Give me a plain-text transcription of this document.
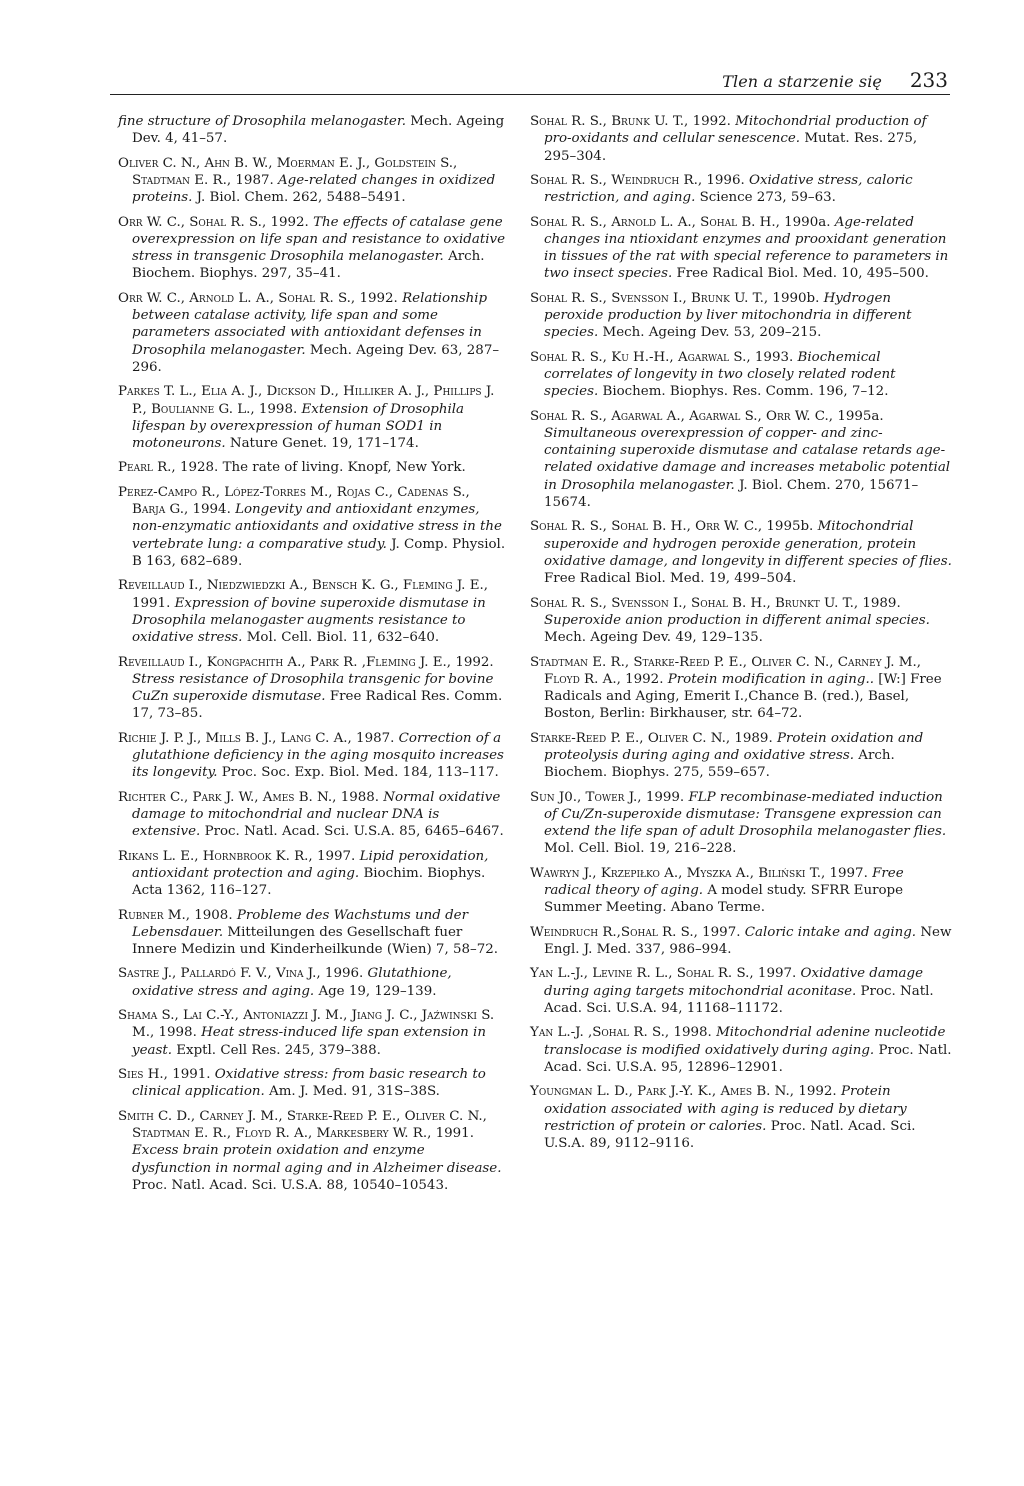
Tlen a starzenie się 233

fine structure of Drosophila melanogaster. Mech. Ageing Dev. 4, 41–57.

Oliver C. N., Ahn B. W., Moerman E. J., Goldstein S., Stadtman E. R., 1987. Age-related changes in oxidized proteins. J. Biol. Chem. 262, 5488–5491.

Orr W. C., Sohal R. S., 1992. The effects of catalase gene overexpression on life span and resistance to oxidative stress in transgenic Drosophila melanogaster. Arch. Biochem. Biophys. 297, 35–41.

Orr W. C., Arnold L. A., Sohal R. S., 1992. Relationship between catalase activity, life span and some parameters associated with antioxidant defenses in Drosophila melanogaster. Mech. Ageing Dev. 63, 287–296.

Parkes T. L., Elia A. J., Dickson D., Hilliker A. J., Phillips J. P., Boulianne G. L., 1998. Extension of Drosophila lifespan by overexpression of human SOD1 in motoneurons. Nature Genet. 19, 171–174.

Pearl R., 1928. The rate of living. Knopf, New York.

Perez-Campo R., López-Torres M., Rojas C., Cadenas S., Barja G., 1994. Longevity and antioxidant enzymes, non-enzymatic antioxidants and oxidative stress in the vertebrate lung: a comparative study. J. Comp. Physiol. B 163, 682–689.

Reveillaud I., Niedzwiedzki A., Bensch K. G., Fleming J. E., 1991. Expression of bovine superoxide dismutase in Drosophila melanogaster augments resistance to oxidative stress. Mol. Cell. Biol. 11, 632–640.

Reveillaud I., Kongpachith A., Park R. ,Fleming J. E., 1992. Stress resistance of Drosophila transgenic for bovine CuZn superoxide dismutase. Free Radical Res. Comm. 17, 73–85.

Richie J. P. J., Mills B. J., Lang C. A., 1987. Correction of a glutathione deficiency in the aging mosquito increases its longevity. Proc. Soc. Exp. Biol. Med. 184, 113–117.

Richter C., Park J. W., Ames B. N., 1988. Normal oxidative damage to mitochondrial and nuclear DNA is extensive. Proc. Natl. Acad. Sci. U.S.A. 85, 6465–6467.

Rikans L. E., Hornbrook K. R., 1997. Lipid peroxidation, antioxidant protection and aging. Biochim. Biophys. Acta 1362, 116–127.

Rubner M., 1908. Probleme des Wachstums und der Lebensdauer. Mitteilungen des Gesellschaft fuer Innere Medizin und Kinderheilkunde (Wien) 7, 58–72.

Sastre J., Pallardó F. V., Vina J., 1996. Glutathione, oxidative stress and aging. Age 19, 129–139.

Shama S., Lai C.-Y., Antoniazzi J. M., Jiang J. C., Jaźwinski S. M., 1998. Heat stress-induced life span extension in yeast. Exptl. Cell Res. 245, 379–388.

Sies H., 1991. Oxidative stress: from basic research to clinical application. Am. J. Med. 91, 31S–38S.

Smith C. D., Carney J. M., Starke-Reed P. E., Oliver C. N., Stadtman E. R., Floyd R. A., Markesbery W. R., 1991. Excess brain protein oxidation and enzyme dysfunction in normal aging and in Alzheimer disease. Proc. Natl. Acad. Sci. U.S.A. 88, 10540–10543.

Sohal R. S., Brunk U. T., 1992. Mitochondrial production of pro-oxidants and cellular senescence. Mutat. Res. 275, 295–304.

Sohal R. S., Weindruch R., 1996. Oxidative stress, caloric restriction, and aging. Science 273, 59–63.

Sohal R. S., Arnold L. A., Sohal B. H., 1990a. Age-related changes ina ntioxidant enzymes and prooxidant generation in tissues of the rat with special reference to parameters in two insect species. Free Radical Biol. Med. 10, 495–500.

Sohal R. S., Svensson I., Brunk U. T., 1990b. Hydrogen peroxide production by liver mitochondria in different species. Mech. Ageing Dev. 53, 209–215.

Sohal R. S., Ku H.-H., Agarwal S., 1993. Biochemical correlates of longevity in two closely related rodent species. Biochem. Biophys. Res. Comm. 196, 7–12.

Sohal R. S., Agarwal A., Agarwal S., Orr W. C., 1995a. Simultaneous overexpression of copper- and zinc-containing superoxide dismutase and catalase retards age-related oxidative damage and increases metabolic potential in Drosophila melanogaster. J. Biol. Chem. 270, 15671–15674.

Sohal R. S., Sohal B. H., Orr W. C., 1995b. Mitochondrial superoxide and hydrogen peroxide generation, protein oxidative damage, and longevity in different species of flies. Free Radical Biol. Med. 19, 499–504.

Sohal R. S., Svensson I., Sohal B. H., Brunkt U. T., 1989. Superoxide anion production in different animal species. Mech. Ageing Dev. 49, 129–135.

Stadtman E. R., Starke-Reed P. E., Oliver C. N., Carney J. M., Floyd R. A., 1992. Protein modification in aging.. [W:] Free Radicals and Aging, Emerit I.,Chance B. (red.), Basel, Boston, Berlin: Birkhauser, str. 64–72.

Starke-Reed P. E., Oliver C. N., 1989. Protein oxidation and proteolysis during aging and oxidative stress. Arch. Biochem. Biophys. 275, 559–657.

Sun J0., Tower J., 1999. FLP recombinase-mediated induction of Cu/Zn-superoxide dismutase: Transgene expression can extend the life span of adult Drosophila melanogaster flies. Mol. Cell. Biol. 19, 216–228.

Wawryn J., Krzepiłko A., Myszka A., Biliński T., 1997. Free radical theory of aging. A model study. SFRR Europe Summer Meeting. Abano Terme.

Weindruch R.,Sohal R. S., 1997. Caloric intake and aging. New Engl. J. Med. 337, 986–994.

Yan L.-J., Levine R. L., Sohal R. S., 1997. Oxidative damage during aging targets mitochondrial aconitase. Proc. Natl. Acad. Sci. U.S.A. 94, 11168–11172.

Yan L.-J. ,Sohal R. S., 1998. Mitochondrial adenine nucleotide translocase is modified oxidatively during aging. Proc. Natl. Acad. Sci. U.S.A. 95, 12896–12901.

Youngman L. D., Park J.-Y. K., Ames B. N., 1992. Protein oxidation associated with aging is reduced by dietary restriction of protein or calories. Proc. Natl. Acad. Sci. U.S.A. 89, 9112–9116.
